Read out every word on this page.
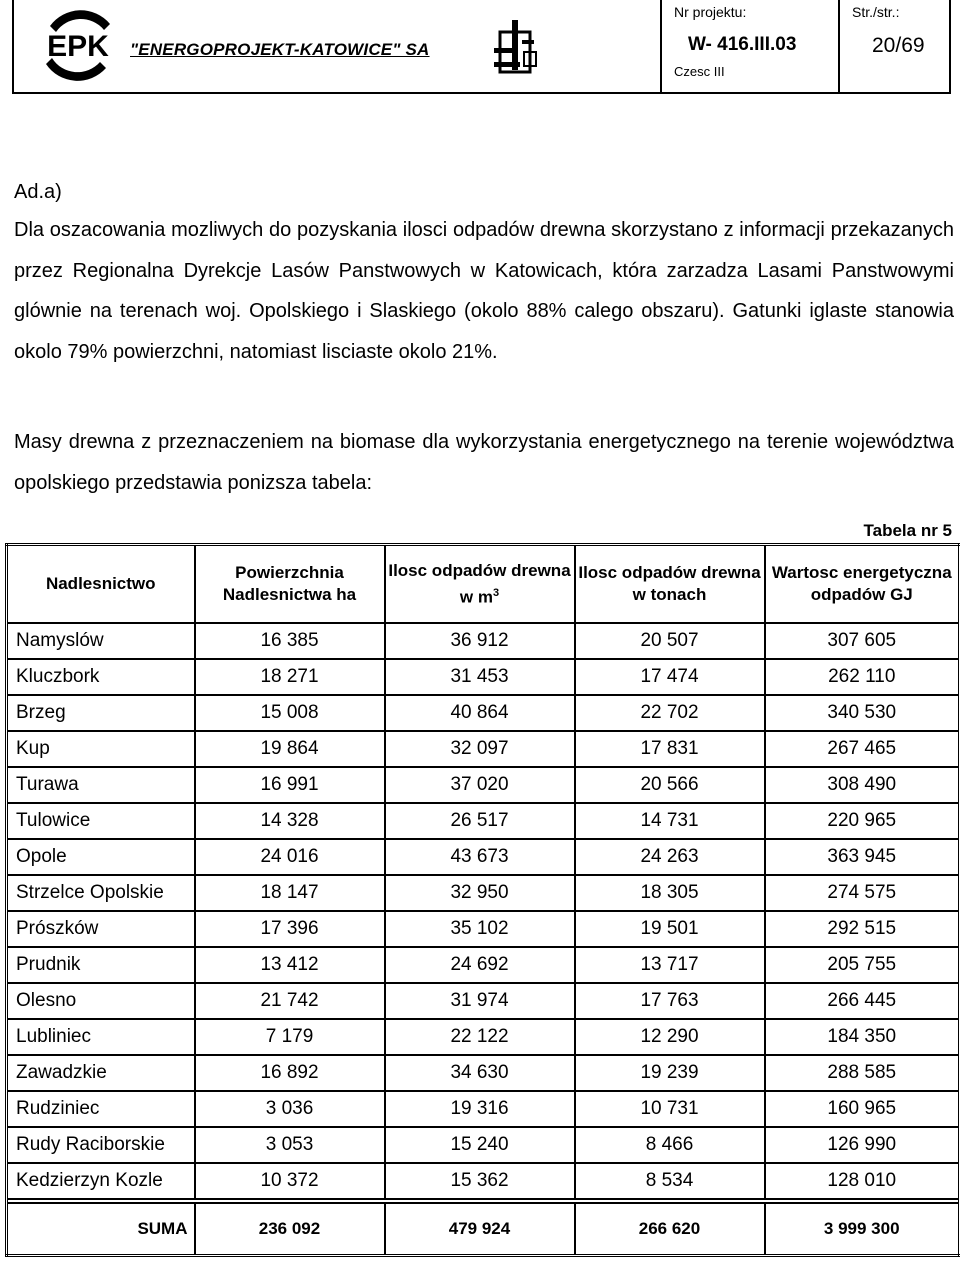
EPK "ENERGOPROJEKT-KATOWICE" SA
Nr projektu:
W- 416.III.03
Czesc III
Str./str.:
20/69
Ad.a)
Dla oszacowania mozliwych do pozyskania ilosci odpadów drewna skorzystano z informacji przekazanych przez Regionalna Dyrekcje Lasów Panstwowych w Katowicach, która zarzadza Lasami Panstwowymi glównie na terenach woj. Opolskiego i Slaskiego (okolo 88% calego obszaru). Gatunki iglaste stanowia okolo 79% powierzchni, natomiast lisciaste okolo 21%.
Masy drewna z przeznaczeniem na biomase dla wykorzystania energetycznego na terenie województwa opolskiego przedstawia ponizsza tabela:
Tabela nr 5
Nadlesnictwo	Powierzchnia Nadlesnictwa ha	Ilosc odpadów drewna w $m^3$	Ilosc odpadów drewna w tonach	Wartosc energetyczna odpadów GJ
Namyslów	16 385	36 912	20 507	307 605
Kluczbork	18 271	31 453	17 474	262 110
Brzeg	15 008	40 864	22 702	340 530
Kup	19 864	32 097	17 831	267 465
Turawa	16 991	37 020	20 566	308 490
Tulowice	14 328	26 517	14 731	220 965
Opole	24 016	43 673	24 263	363 945
Strzelce Opolskie	18 147	32 950	18 305	274 575
Prószków	17 396	35 102	19 501	292 515
Prudnik	13 412	24 692	13 717	205 755
Olesno	21 742	31 974	17 763	266 445
Lubliniec	7 179	22 122	12 290	184 350
Zawadzkie	16 892	34 630	19 239	288 585
Rudziniec	3 036	19 316	10 731	160 965
Rudy Raciborskie	3 053	15 240	8 466	126 990
Kedzierzyn Kozle	10 372	15 362	8 534	128 010

SUMA	236 092	479 924	266 620	3 999 300
